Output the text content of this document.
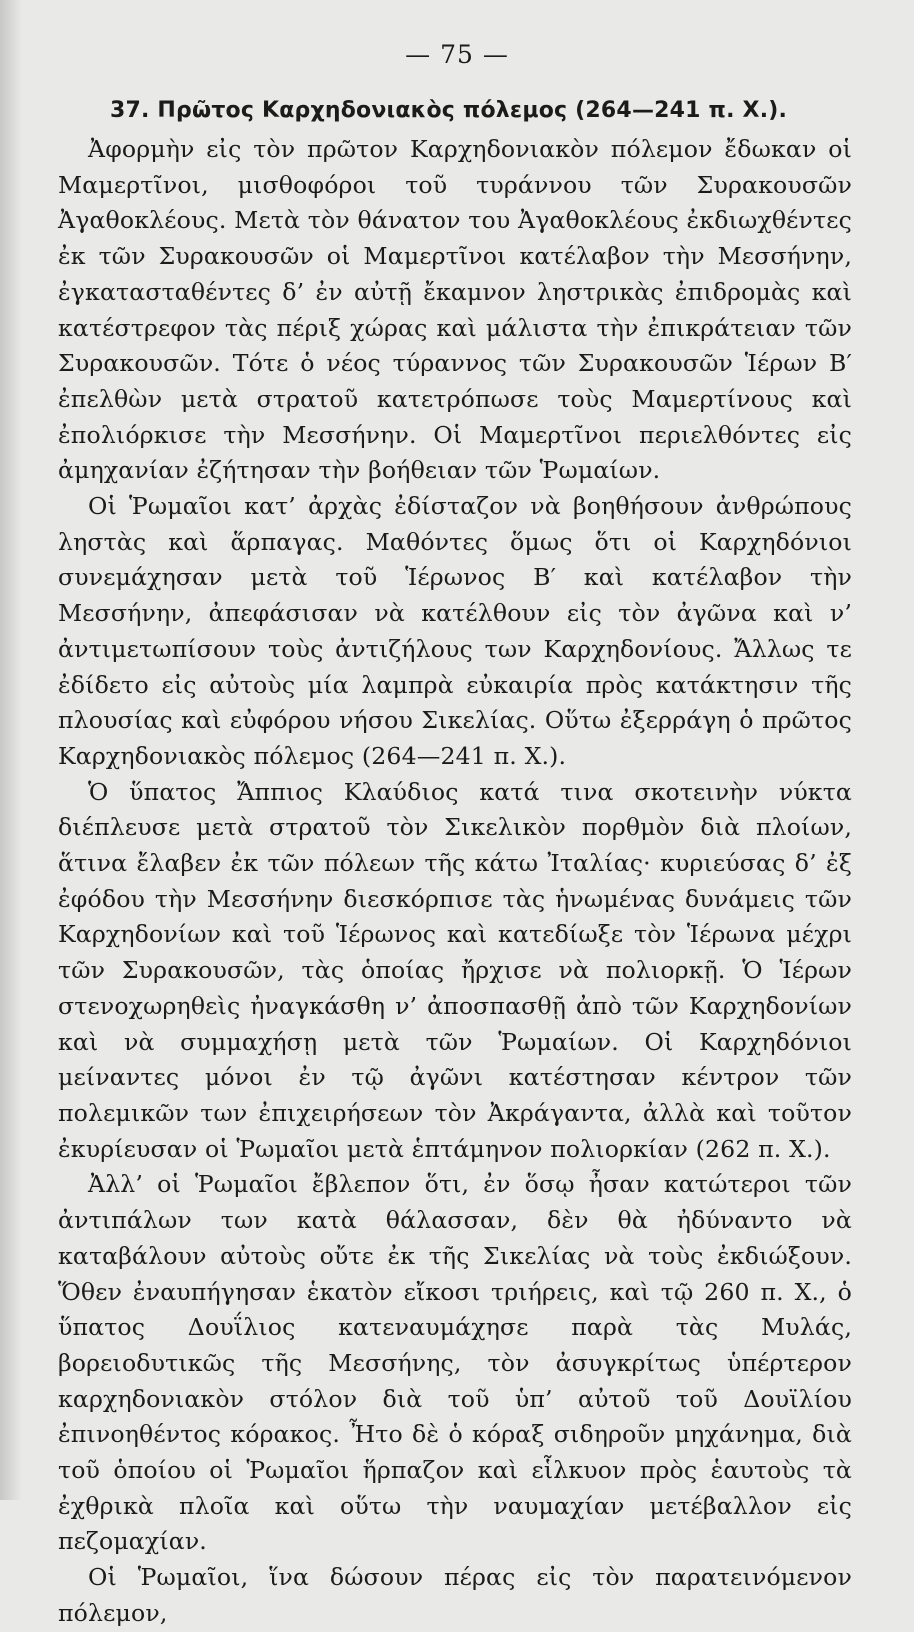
— 75 —
37. Πρῶτος Καρχηδονιακὸς πόλεμος (264—241 π. Χ.).

Ἀφορμὴν εἰς τὸν πρῶτον Καρχηδονιακὸν πόλεμον ἔδωκαν οἱ Μαμερτῖνοι, μισθοφόροι τοῦ τυράννου τῶν Συρακουσῶν Ἀγαθοκλέους. Μετὰ τὸν θάνατον του Ἀγαθοκλέους ἐκδιωχθέντες ἐκ τῶν Συρακουσῶν οἱ Μαμερτῖνοι κατέλαβον τὴν Μεσσήνην, ἐγκατασταθέντες δ’ ἐν αὐτῇ ἔκαμνον ληστρικὰς ἐπιδρομὰς καὶ κατέστρεφον τὰς πέριξ χώρας καὶ μάλιστα τὴν ἐπικράτειαν τῶν Συρακουσῶν. Τότε ὁ νέος τύραννος τῶν Συρακουσῶν Ἱέρων Β′ ἐπελθὼν μετὰ στρατοῦ κατετρόπωσε τοὺς Μαμερτίνους καὶ ἐπολιόρκισε τὴν Μεσσήνην. Οἱ Μαμερτῖνοι περιελθόντες εἰς ἀμηχανίαν ἐζήτησαν τὴν βοήθειαν τῶν Ῥωμαίων.

Οἱ Ῥωμαῖοι κατ’ ἀρχὰς ἐδίσταζον νὰ βοηθήσουν ἀνθρώπους ληστὰς καὶ ἅρπαγας. Μαθόντες ὅμως ὅτι οἱ Καρχηδόνιοι συνεμάχησαν μετὰ τοῦ Ἱέρωνος Β′ καὶ κατέλαβον τὴν Μεσσήνην, ἀπεφάσισαν νὰ κατέλθουν εἰς τὸν ἀγῶνα καὶ ν’ ἀντιμετωπίσουν τοὺς ἀντιζήλους των Καρχηδονίους. Ἄλλως τε ἐδίδετο εἰς αὐτοὺς μία λαμπρὰ εὐκαιρία πρὸς κατάκτησιν τῆς πλουσίας καὶ εὐφόρου νήσου Σικελίας. Οὕτω ἐξερράγη ὁ πρῶτος Καρχηδονιακὸς πόλεμος (264—241 π. Χ.).

Ὁ ὕπατος Ἄππιος Κλαύδιος κατά τινα σκοτεινὴν νύκτα διέπλευσε μετὰ στρατοῦ τὸν Σικελικὸν πορθμὸν διὰ πλοίων, ἅτινα ἔλαβεν ἐκ τῶν πόλεων τῆς κάτω Ἰταλίας· κυριεύσας δ’ ἐξ ἐφόδου τὴν Μεσσήνην διεσκόρπισε τὰς ἡνωμένας δυνάμεις τῶν Καρχηδονίων καὶ τοῦ Ἱέρωνος καὶ κατεδίωξε τὸν Ἱέρωνα μέχρι τῶν Συρακουσῶν, τὰς ὁποίας ἤρχισε νὰ πολιορκῇ. Ὁ Ἱέρων στενοχωρηθεὶς ἠναγκάσθη ν’ ἀποσπασθῇ ἀπὸ τῶν Καρχηδονίων καὶ νὰ συμμαχήσῃ μετὰ τῶν Ῥωμαίων. Οἱ Καρχηδόνιοι μείναντες μόνοι ἐν τῷ ἀγῶνι κατέστησαν κέντρον τῶν πολεμικῶν των ἐπιχειρήσεων τὸν Ἀκράγαντα, ἀλλὰ καὶ τοῦτον ἐκυρίευσαν οἱ Ῥωμαῖοι μετὰ ἑπτάμηνον πολιορκίαν (262 π. Χ.).

Ἀλλ’ οἱ Ῥωμαῖοι ἔβλεπον ὅτι, ἐν ὅσῳ ἦσαν κατώτεροι τῶν ἀντιπάλων των κατὰ θάλασσαν, δὲν θὰ ἠδύναντο νὰ καταβάλουν αὐτοὺς οὔτε ἐκ τῆς Σικελίας νὰ τοὺς ἐκδιώξουν. Ὅθεν ἐναυπήγησαν ἑκατὸν εἴκοσι τριήρεις, καὶ τῷ 260 π. Χ., ὁ ὕπατος Δουΐλιος κατεναυμάχησε παρὰ τὰς Μυλάς, βορειοδυτικῶς τῆς Μεσσήνης, τὸν ἀσυγκρίτως ὑπέρτερον καρχηδονιακὸν στόλον διὰ τοῦ ὑπ’ αὐτοῦ τοῦ Δουϊλίου ἐπινοηθέντος κόρακος. Ἦτο δὲ ὁ κόραξ σιδηροῦν μηχάνημα, διὰ τοῦ ὁποίου οἱ Ῥωμαῖοι ἥρπαζον καὶ εἷλκυον πρὸς ἑαυτοὺς τὰ ἐχθρικὰ πλοῖα καὶ οὕτω τὴν ναυμαχίαν μετέβαλλον εἰς πεζομαχίαν.

Οἱ Ῥωμαῖοι, ἵνα δώσουν πέρας εἰς τὸν παρατεινόμενον πόλεμον,
